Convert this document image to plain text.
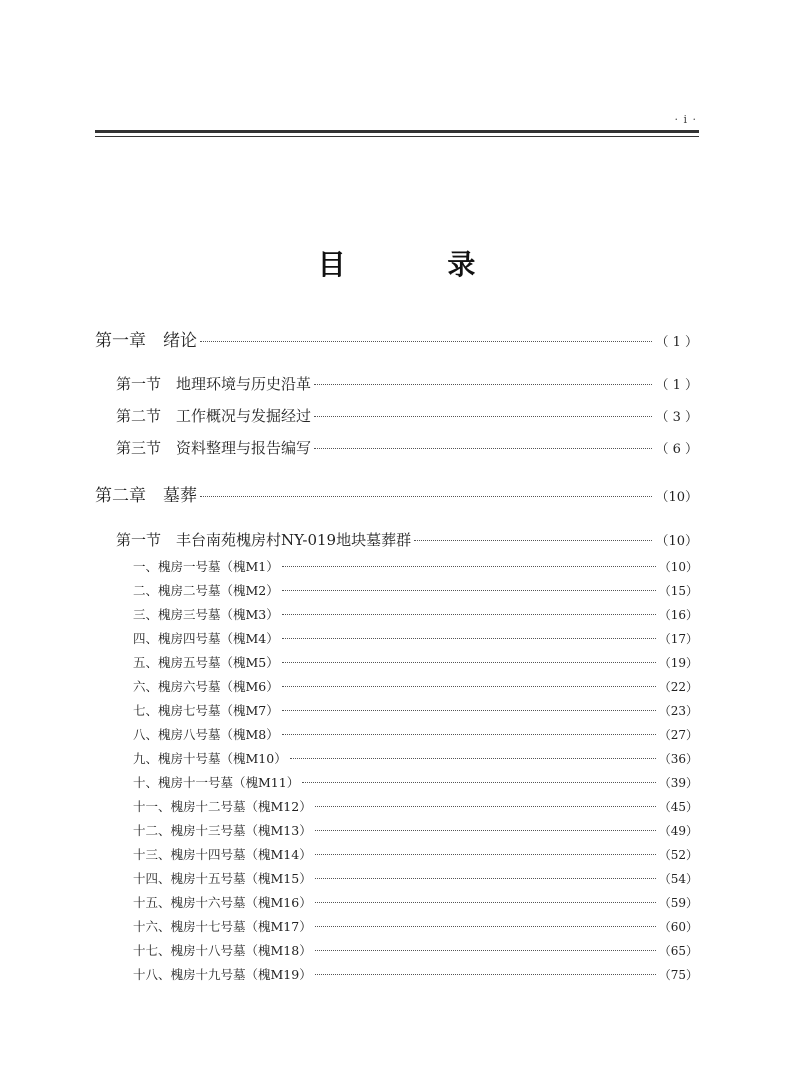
· i ·
目 录
第一章　绪论	（ 1 ）
第一节　地理环境与历史沿革	（ 1 ）
第二节　工作概况与发掘经过	（ 3 ）
第三节　资料整理与报告编写	（ 6 ）
第二章　墓葬	（10）
第一节　丰台南苑槐房村NY-019地块墓葬群	（10）
一、槐房一号墓（槐M1）	（10）
二、槐房二号墓（槐M2）	（15）
三、槐房三号墓（槐M3）	（16）
四、槐房四号墓（槐M4）	（17）
五、槐房五号墓（槐M5）	（19）
六、槐房六号墓（槐M6）	（22）
七、槐房七号墓（槐M7）	（23）
八、槐房八号墓（槐M8）	（27）
九、槐房十号墓（槐M10）	（36）
十、槐房十一号墓（槐M11）	（39）
十一、槐房十二号墓（槐M12）	（45）
十二、槐房十三号墓（槐M13）	（49）
十三、槐房十四号墓（槐M14）	（52）
十四、槐房十五号墓（槐M15）	（54）
十五、槐房十六号墓（槐M16）	（59）
十六、槐房十七号墓（槐M17）	（60）
十七、槐房十八号墓（槐M18）	（65）
十八、槐房十九号墓（槐M19）	（75）
